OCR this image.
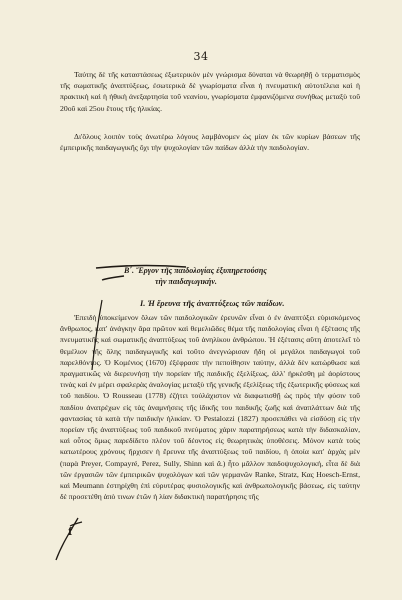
34

Ταύτης δὲ τῆς καταστάσεως ἐξωτερικὸν μὲν γνώρισμα δύναται νὰ θεωρηθῇ ὁ τερματισμὸς τῆς σωματικῆς ἀναπτύξεως, ἐσωτερικὰ δὲ γνωρίσματα εἶναι ἡ πνευματικὴ αὐτοτέλεια καὶ ἡ πρακτικὴ καὶ ἡ ἠθικὴ ἀνεξαρτησία τοῦ νεανίου, γνωρίσματα ἐμφανιζόμενα συνήθως μεταξὺ τοῦ 20οῦ καὶ 25ου ἔτους τῆς ἡλικίας.

Δι'ὅλους λοιπὸν τοὺς ἀνωτέρω λόγους λαμβάνομεν ὡς μίαν ἐκ τῶν κυρίων βάσεων τῆς ἐμπειρικῆς παιδαγωγικῆς ὄχι τὴν ψυχολογίαν τῶν παίδων ἀλλὰ τὴν παιδολογίαν.

Β΄. Ἔργον τῆς παιδολογίας ἐξυπηρετούσης
τὴν παιδαγωγικήν.
I. Ἡ ἔρευνα τῆς ἀναπτύξεως τῶν παίδων.

Ἐπειδὴ ὑποκείμενον ὅλων τῶν παιδολογικῶν ἐρευνῶν εἶναι ὁ ἐν ἀναπτύξει εὑρισκόμενος ἄνθρωπος, κατ' ἀνάγκην ἄρα πρῶτον καὶ θεμελιῶδες θέμα τῆς παιδολογίας εἶναι ἡ ἐξέτασις τῆς πνευματικῆς καὶ σωματικῆς ἀναπτύξεως τοῦ ἀνηλίκου ἀνθρώπου. Ἡ ἐξέτασις αὕτη ἀποτελεῖ τὸ θεμέλιον τῆς ὅλης παιδαγωγικῆς καὶ τοῦτο ἀνεγνώρισαν ἤδη οἱ μεγάλοι παιδαγωγοὶ τοῦ παρελθόντος. Ὁ Κομένιος (1670) ἐξέφρασε τὴν πεποίθησιν ταύτην, ἀλλὰ δὲν κατώρθωσε καὶ πραγματικῶς νὰ διερευνήσῃ τὴν πορείαν τῆς παιδικῆς ἐξελίξεως, ἀλλ' ἠρκέσθη μὲ ἀορίστους τινὰς καὶ ἐν μέρει σφαλερὰς ἀναλογίας μεταξὺ τῆς γενικῆς ἐξελίξεως τῆς ἐξωτερικῆς φύσεως καὶ τοῦ παιδίου. Ὁ Rousseau (1778) ἐζήτει τοὐλάχιστον νὰ διαφωτισθῇ ὡς πρὸς τὴν φύσιν τοῦ παιδίου ἀνατρέχων εἰς τὰς ἀναμνήσεις τῆς ἰδικῆς του παιδικῆς ζωῆς καὶ ἀναπλάττων διὰ τῆς φαντασίας τὰ κατὰ τὴν παιδικὴν ἡλικίαν. Ὁ Pestalozzi (1827) προσεπάθει νὰ εἰσδύσῃ εἰς τὴν πορείαν τῆς ἀναπτύξεως τοῦ παιδικοῦ πνεύματος χάριν παρατηρήσεως κατὰ τὴν διδασκαλίαν, καὶ οὗτος ὅμως παρεδίδετο πλέον τοῦ δέοντος εἰς θεωρητικὰς ὑποθέσεις. Μόνον κατὰ τοὺς κατωτέρους χρόνους ἤρχισεν ἡ ἔρευνα τῆς ἀναπτύξεως τοῦ παιδίου, ἡ ὁποία κατ' ἀρχὰς μὲν (παρὰ Preyer, Compayré, Perez, Sully, Shinn καὶ ἄ.) ἦτο μᾶλλον παιδοψυχολογική, εἶτα δὲ διὰ τῶν ἐργασιῶν τῶν ἐμπειρικῶν ψυχολόγων καὶ τῶν γερμανῶν Ranke, Stratz, Κας Hoesch-Ernst, καὶ Meumann ἐστηρίχθη ἐπὶ εὐρυτέρας φυσιολογικῆς καὶ ἀνθρωπολογικῆς βάσεως, εἰς ταύτην δὲ προσετέθη ἀπὸ τινων ἐτῶν ἡ λίαν διδακτικὴ παρατήρησις τῆς

f
